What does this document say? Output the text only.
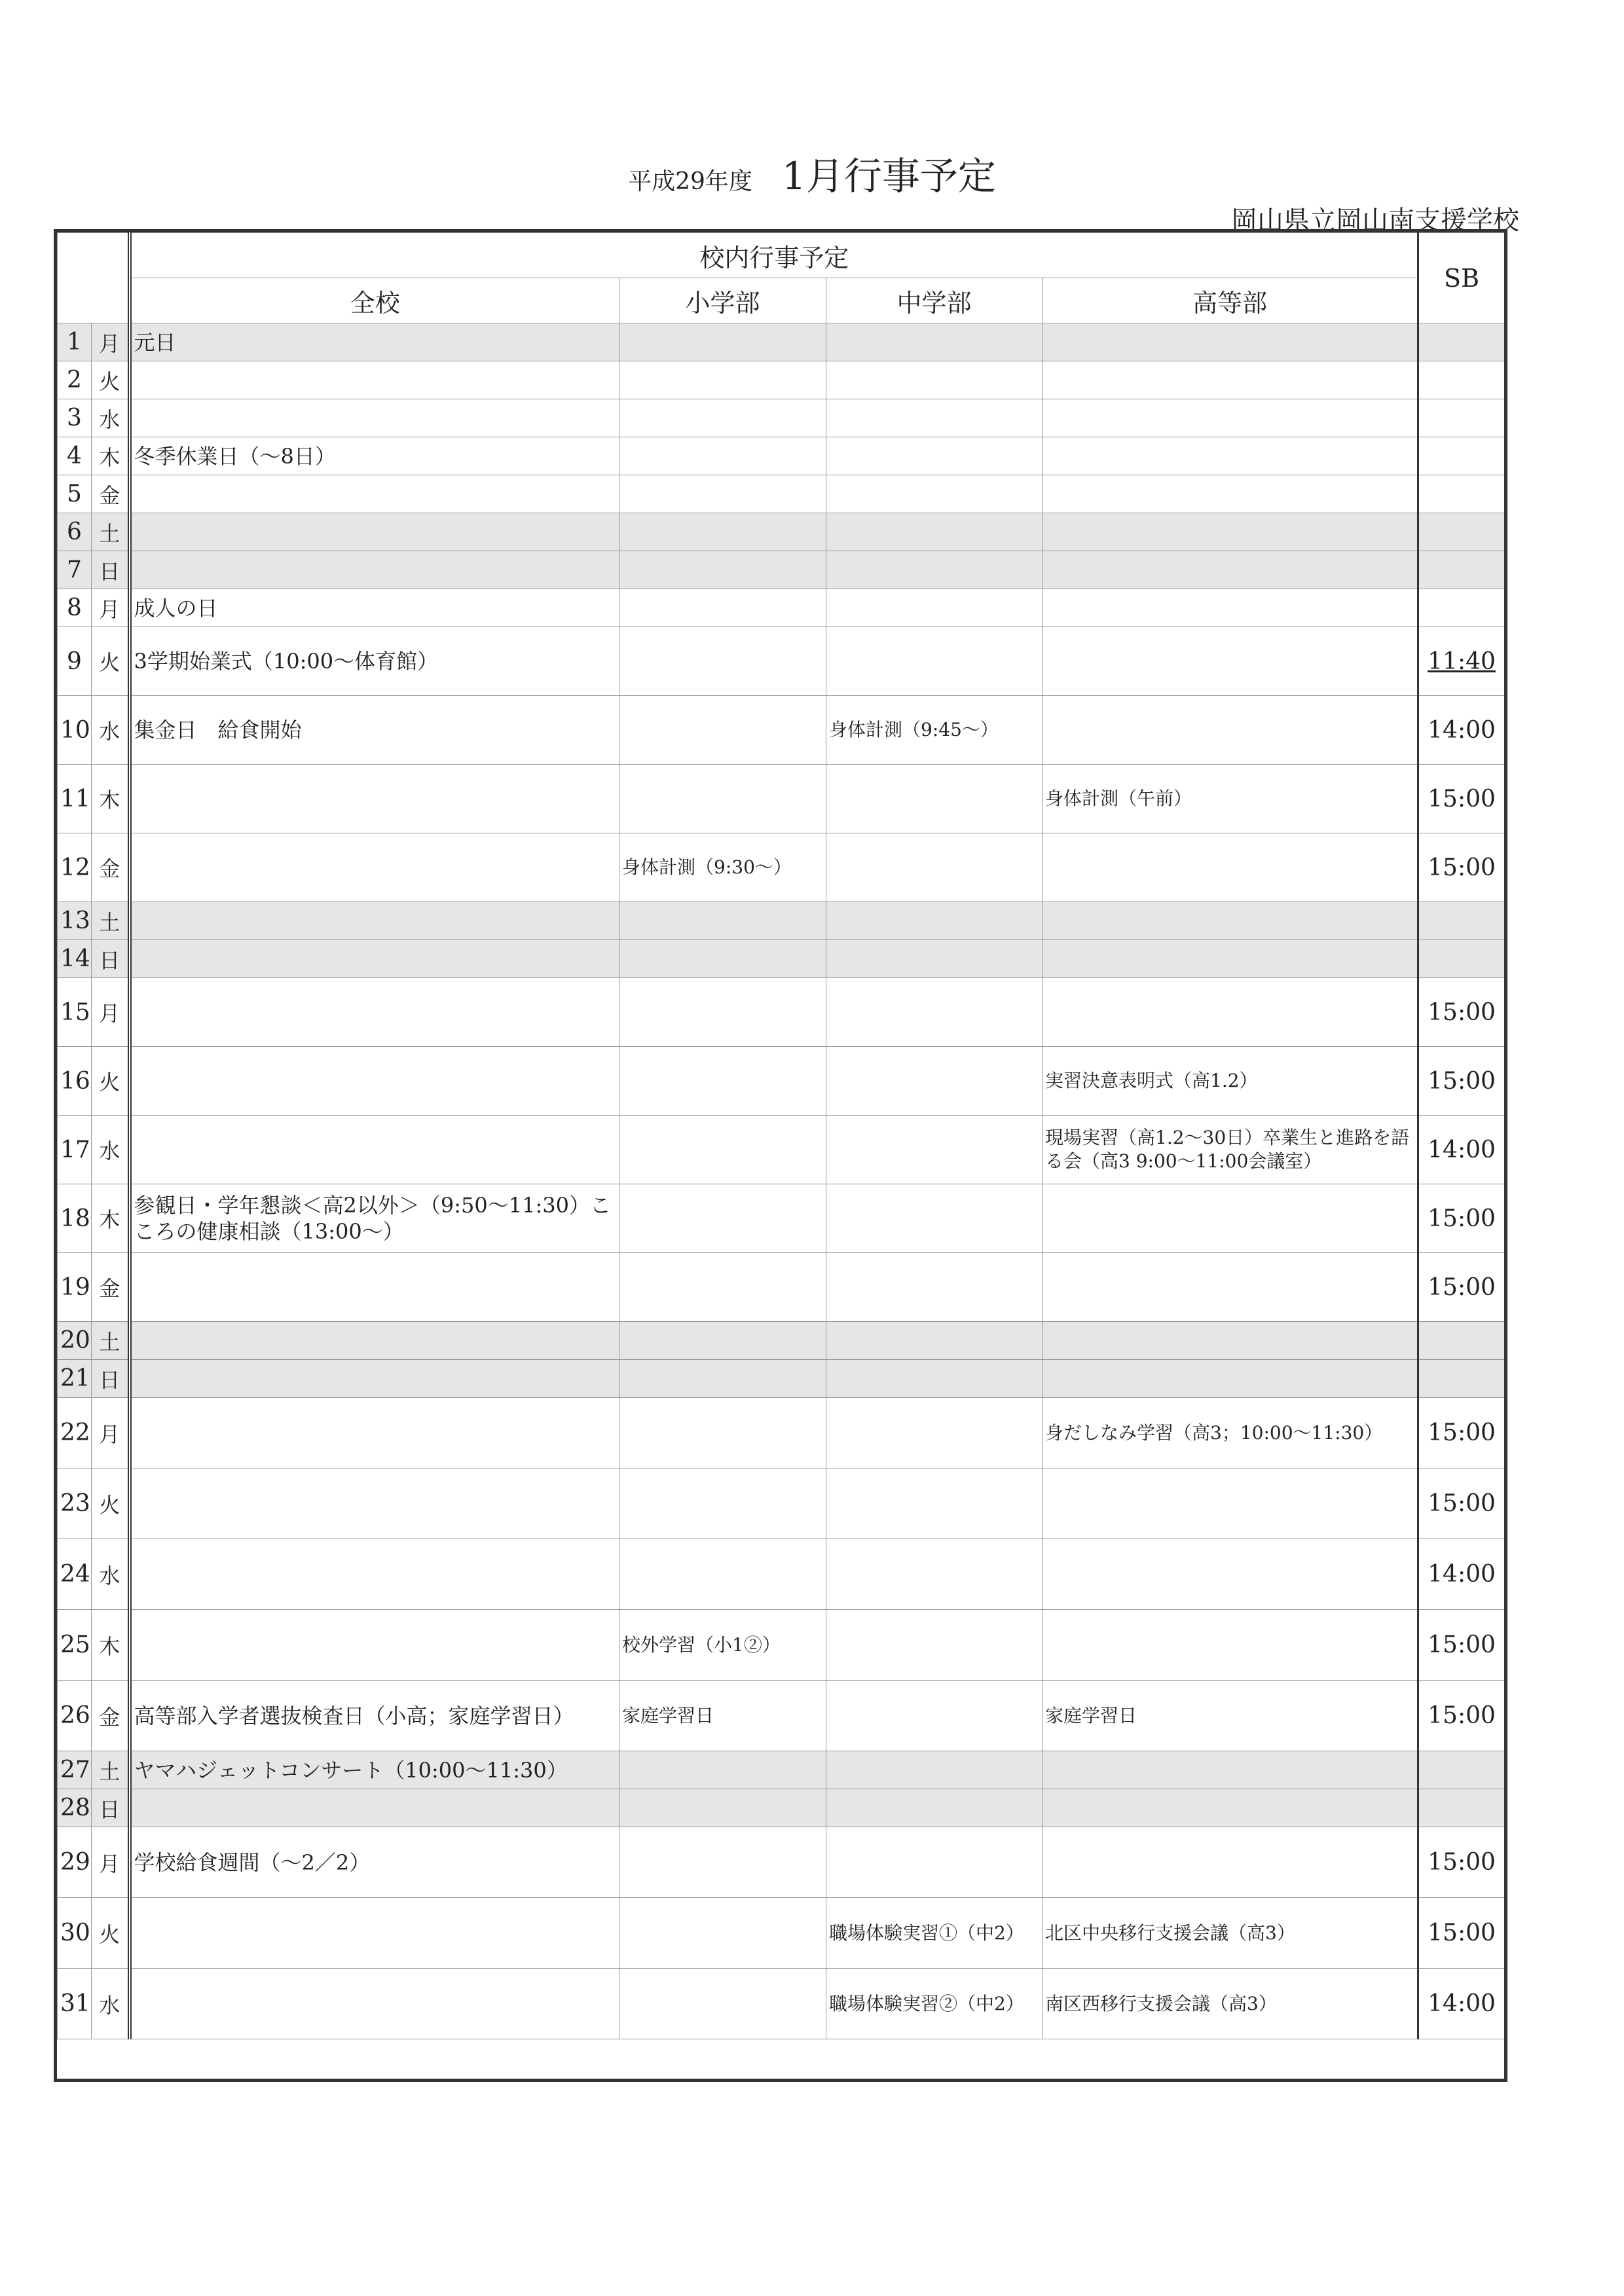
平成29年度 1月行事予定
岡山県立岡山南支援学校
		校内行事予定				SB
		全校	小学部	中学部	高等部	
1	月	元日				
2	火					
3	水					
4	木	冬季休業日（〜8日）				
5	金					
6	土					
7	日					
8	月	成人の日				
9	火	3学期始業式（10:00〜体育館）				11:40
10	水	集金日　給食開始		身体計測（9:45〜）		14:00
11	木				身体計測（午前）	15:00
12	金		身体計測（9:30〜）			15:00
13	土					
14	日					
15	月					15:00
16	火				実習決意表明式（高1.2）	15:00
17	水				現場実習（高1.2〜30日）卒業生と進路を語る会（高3 9:00〜11:00会議室）	14:00
18	木	参観日・学年懇談＜高2以外＞（9:50〜11:30）こころの健康相談（13:00〜）				15:00
19	金					15:00
20	土					
21	日					
22	月				身だしなみ学習（高3；10:00〜11:30）	15:00
23	火					15:00
24	水					14:00
25	木		校外学習（小1②）			15:00
26	金	高等部入学者選抜検査日（小高；家庭学習日）	家庭学習日		家庭学習日	15:00
27	土	ヤマハジェットコンサート（10:00〜11:30）				
28	日					
29	月	学校給食週間（〜2／2）				15:00
30	火			職場体験実習①（中2）	北区中央移行支援会議（高3）	15:00
31	水			職場体験実習②（中2）	南区西移行支援会議（高3）	14:00
